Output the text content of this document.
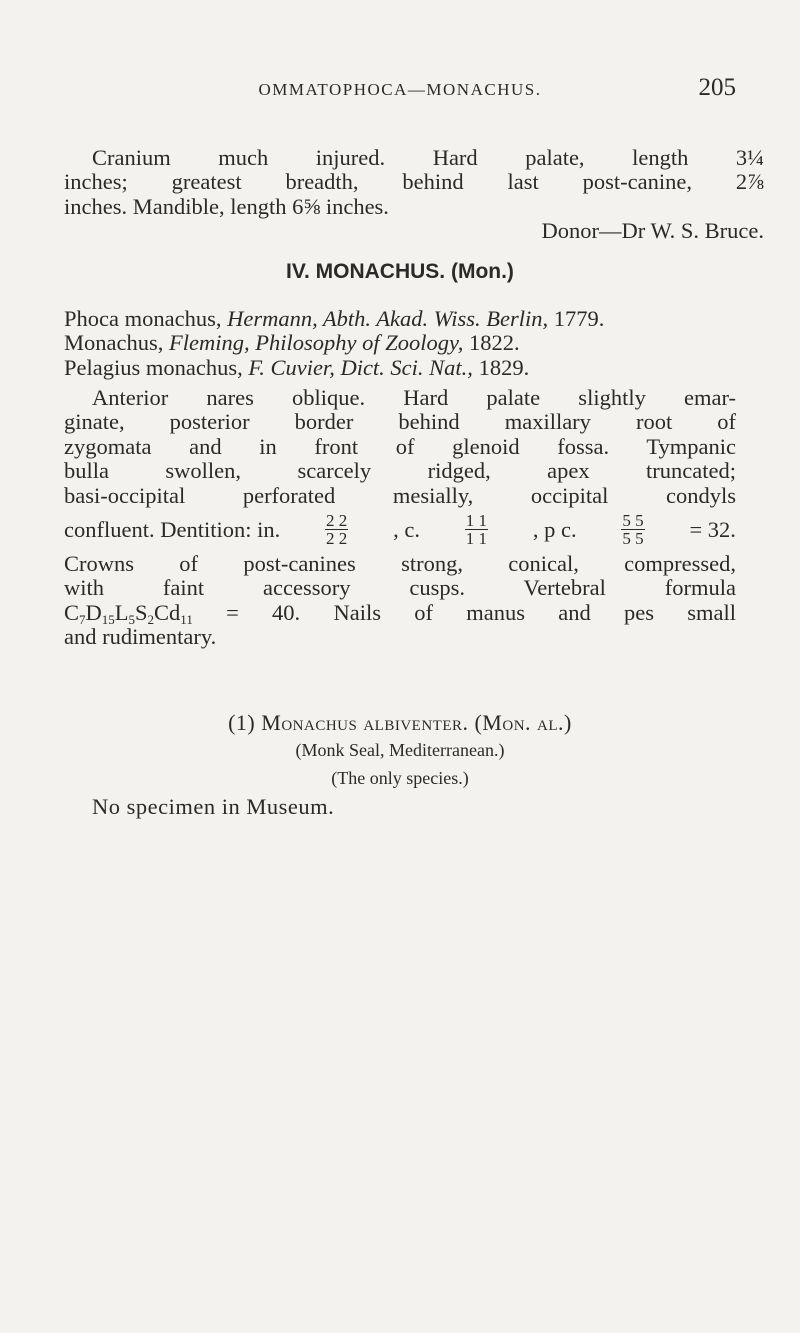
OMMATOPHOCA—MONACHUS.	205
Cranium much injured. Hard palate, length 3¼
inches; greatest breadth, behind last post-canine, 2⅞
inches. Mandible, length 6⅝ inches.
Donor—Dr W. S. Bruce.
IV. MONACHUS. (Mon.)
Phoca monachus, Hermann, Abth. Akad. Wiss. Berlin, 1779.
Monachus, Fleming, Philosophy of Zoology, 1822.
Pelagius monachus, F. Cuvier, Dict. Sci. Nat., 1829.
Anterior nares oblique. Hard palate slightly emar-
ginate, posterior border behind maxillary root of
zygomata and in front of glenoid fossa. Tympanic
bulla swollen, scarcely ridged, apex truncated;
basi-occipital perforated mesially, occipital condyls
confluent. Dentition: in.	$\frac{2 2}{2 2}$ , c.	$\frac{1 1}{1 1}$ , p c.	$\frac{5 5}{5 5} = 32$.
Crowns of post-canines strong, conical, compressed,
with faint accessory cusps. Vertebral formula
$C_7D_{15}L_5S_2Cd_{11} = 40$. Nails of manus and pes small
and rudimentary.
(1) Monachus albiventer. (Mon. al.)
(Monk Seal, Mediterranean.)
(The only species.)
No specimen in Museum.
